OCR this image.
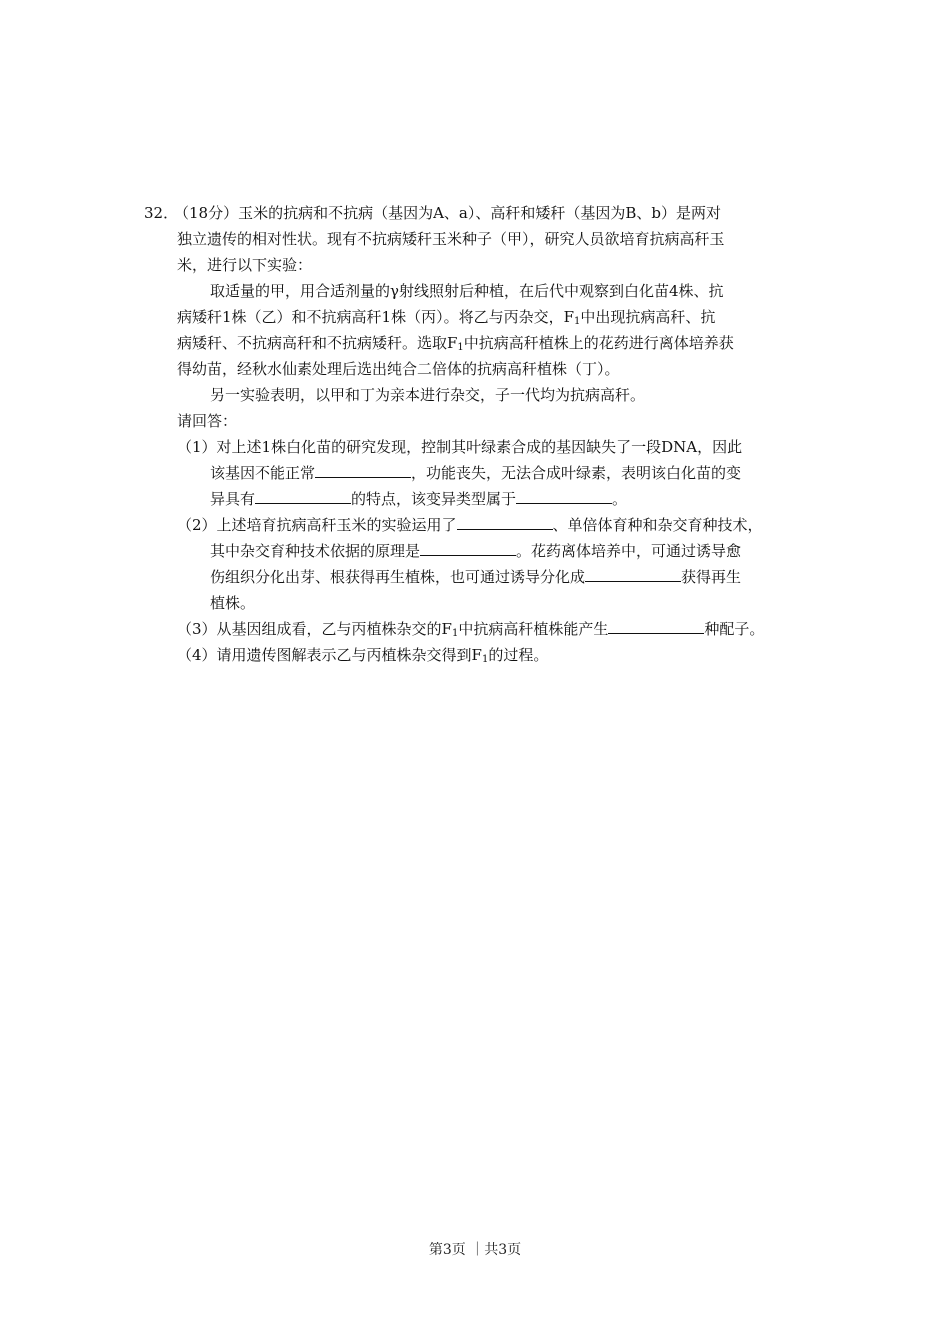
32．
（18分）玉米的抗病和不抗病（基因为A、a）、高秆和矮秆（基因为B、b）是两对
独立遗传的相对性状。现有不抗病矮秆玉米种子（甲），研究人员欲培育抗病高秆玉
米，进行以下实验：
取适量的甲，用合适剂量的γ射线照射后种植，在后代中观察到白化苗4株、抗
病矮秆1株（乙）和不抗病高秆1株（丙）。将乙与丙杂交，$F_1$中出现抗病高秆、抗
病矮秆、不抗病高秆和不抗病矮秆。选取$F_1$中抗病高秆植株上的花药进行离体培养获
得幼苗，经秋水仙素处理后选出纯合二倍体的抗病高秆植株（丁）。
另一实验表明，以甲和丁为亲本进行杂交，子一代均为抗病高秆。
请回答：
（1）对上述1株白化苗的研究发现，控制其叶绿素合成的基因缺失了一段DNA，因此
该基因不能正常	，功能丧失，无法合成叶绿素，表明该白化苗的变
异具有	的特点，该变异类型属于	。
（2）上述培育抗病高秆玉米的实验运用了	、单倍体育种和杂交育种技术，
其中杂交育种技术依据的原理是	。花药离体培养中，可通过诱导愈
伤组织分化出芽、根获得再生植株，也可通过诱导分化成	获得再生
植株。
（3）从基因组成看，乙与丙植株杂交的$F_1$中抗病高秆植株能产生	种配子。
（4）请用遗传图解表示乙与丙植株杂交得到$F_1$的过程。
第3页 ｜共3页
